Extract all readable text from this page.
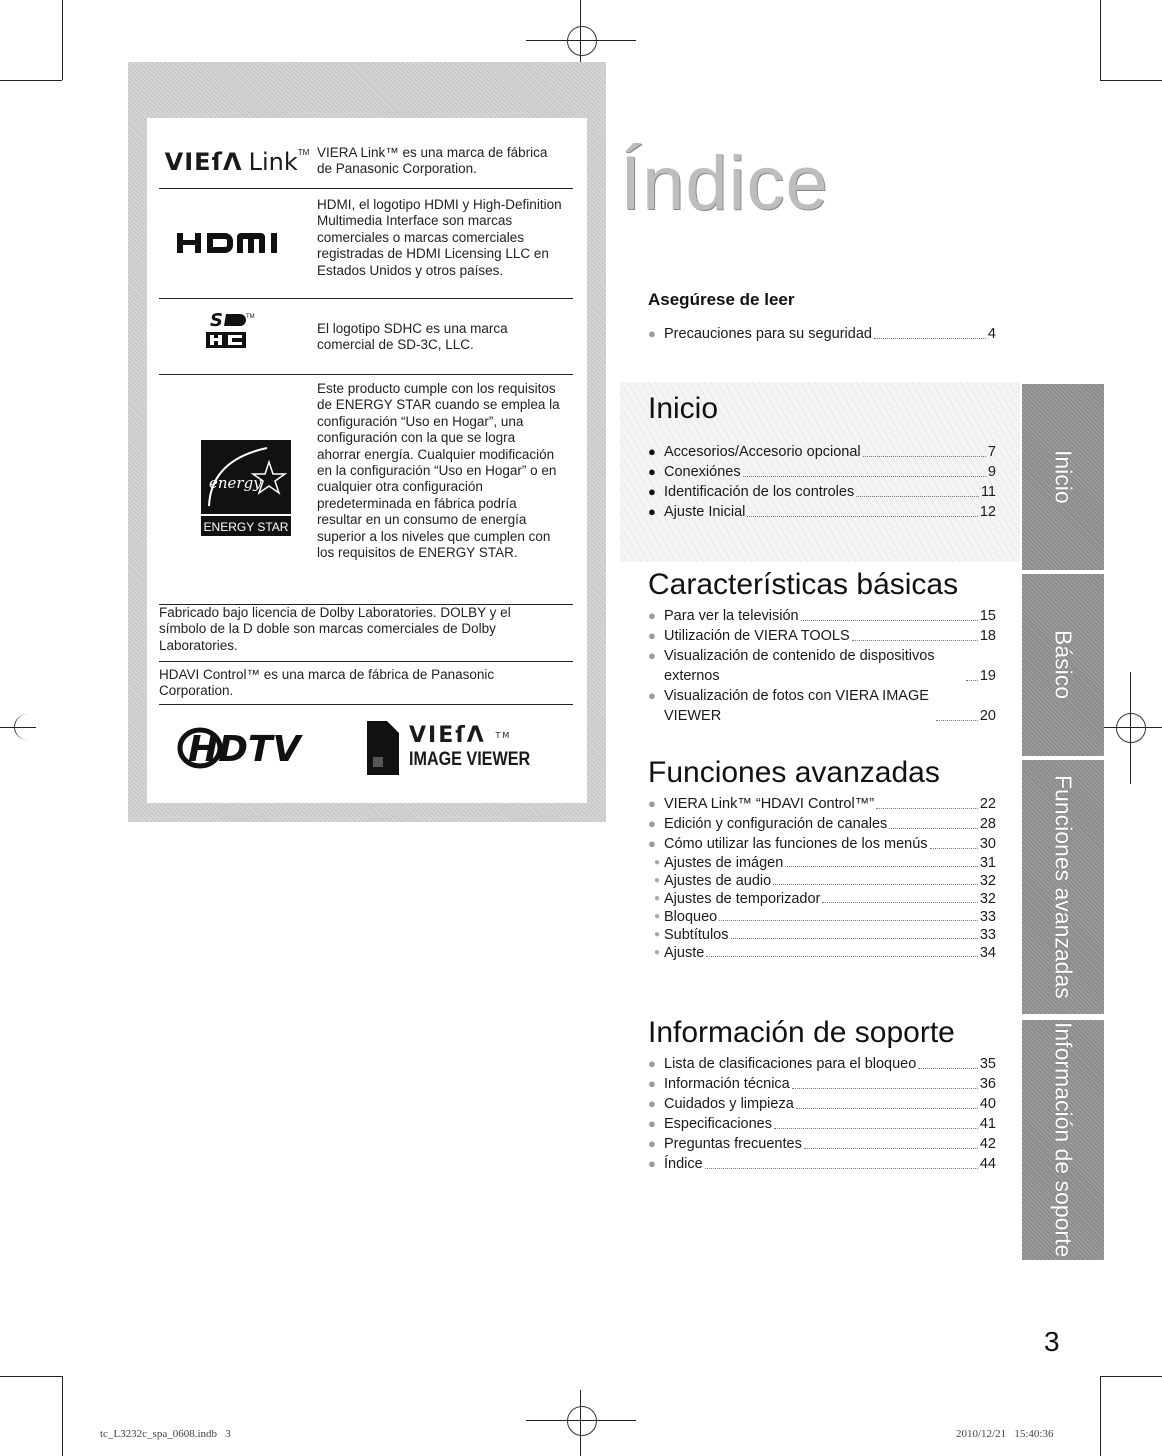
VIEſΛ Link TM VIERA Link™ es una marca de fábrica de Panasonic Corporation.
HDMI, el logotipo HDMI y High-Definition Multimedia Interface son marcas comerciales o marcas comerciales registradas de HDMI Licensing LLC en Estados Unidos y otros países.
S	TM
El logotipo SDHC es una marca comercial de SD-3C, LLC.
energy
ENERGY STAR
Este producto cumple con los requisitos de ENERGY STAR cuando se emplea la configuración “Uso en Hogar”, una configuración con la que se logra ahorrar energía. Cualquier modificación en la configuración “Uso en Hogar” o en cualquier otra configuración predeterminada en fábrica podría resultar en un consumo de energía superior a los niveles que cumplen con los requisitos de ENERGY STAR.
Fabricado bajo licencia de Dolby Laboratories. DOLBY y el símbolo de la D doble son marcas comerciales de Dolby Laboratories.
HDAVI Control™ es una marca de fábrica de Panasonic Corporation.
HDTV	VIEſΛ ™
IMAGE VIEWER
Índice
Asegúrese de leer
● Precauciones para su seguridad	4
Inicio
● Accesorios/Accesorio opcional	7
● Conexiónes	9
● Identificación de los controles	11
● Ajuste Inicial	12
Características básicas
● Para ver la televisión	15
● Utilización de VIERA TOOLS	18
● Visualización de contenido de dispositivos externos	19
● Visualización de fotos con VIERA IMAGE VIEWER	20
Funciones avanzadas
● VIERA Link™ “HDAVI Control™”	22
● Edición y configuración de canales	28
● Cómo utilizar las funciones de los menús	30
● Ajustes de imágen	31
● Ajustes de audio	32
● Ajustes de temporizador	32
● Bloqueo	33
● Subtítulos	33
● Ajuste	34
Información de soporte
● Lista de clasificaciones para el bloqueo	35
● Información técnica	36
● Cuidados y limpieza	40
● Especificaciones	41
● Preguntas frecuentes	42
● Índice	44
Inicio
Básico
Funciones avanzadas
Información de soporte
3
tc_L3232c_spa_0608.indb   3	2010/12/21   15:40:36
